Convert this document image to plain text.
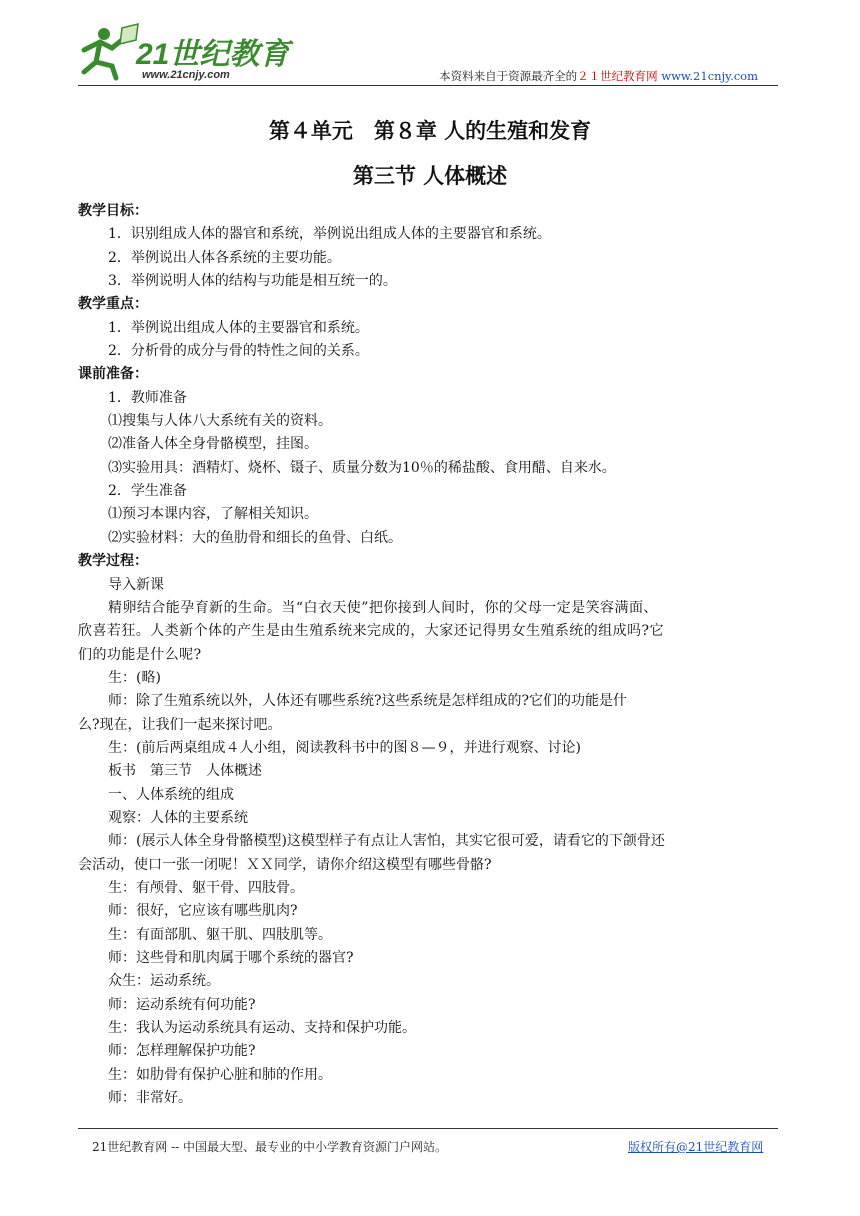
21世纪教育
www.21cnjy.com	本资料来自于资源最齐全的２１世纪教育网 www.21cnjy.com
第４单元　第８章 人的生殖和发育
第三节 人体概述
教学目标：
1．识别组成人体的器官和系统，举例说出组成人体的主要器官和系统。
2．举例说出人体各系统的主要功能。
3．举例说明人体的结构与功能是相互统一的。
教学重点：
1．举例说出组成人体的主要器官和系统。
2．分析骨的成分与骨的特性之间的关系。
课前准备：
1．教师准备
⑴搜集与人体八大系统有关的资料。
⑵准备人体全身骨骼模型，挂图。
⑶实验用具：酒精灯、烧杯、镊子、质量分数为10％的稀盐酸、食用醋、自来水。
2．学生准备
⑴预习本课内容，了解相关知识。
⑵实验材料：大的鱼肋骨和细长的鱼骨、白纸。
教学过程：
导入新课
精卵结合能孕育新的生命。当“白衣天使”把你接到人间时，你的父母一定是笑容满面、欣喜若狂。人类新个体的产生是由生殖系统来完成的，大家还记得男女生殖系统的组成吗?它们的功能是什么呢?
生：(略)
师：除了生殖系统以外，人体还有哪些系统?这些系统是怎样组成的?它们的功能是什么?现在，让我们一起来探讨吧。
生：(前后两桌组成４人小组，阅读教科书中的图８—９，并进行观察、讨论)
板书　第三节　人体概述
一、人体系统的组成
观察：人体的主要系统
师：(展示人体全身骨骼模型)这模型样子有点让人害怕，其实它很可爱，请看它的下颌骨还会活动，使口一张一闭呢！ＸＸ同学，请你介绍这模型有哪些骨骼?
生：有颅骨、躯干骨、四肢骨。
师：很好，它应该有哪些肌肉?
生：有面部肌、躯干肌、四肢肌等。
师：这些骨和肌肉属于哪个系统的器官?
众生：运动系统。
师：运动系统有何功能?
生：我认为运动系统具有运动、支持和保护功能。
师：怎样理解保护功能?
生：如肋骨有保护心脏和肺的作用。
师：非常好。
21世纪教育网 -- 中国最大型、最专业的中小学教育资源门户网站。	版权所有@21世纪教育网
